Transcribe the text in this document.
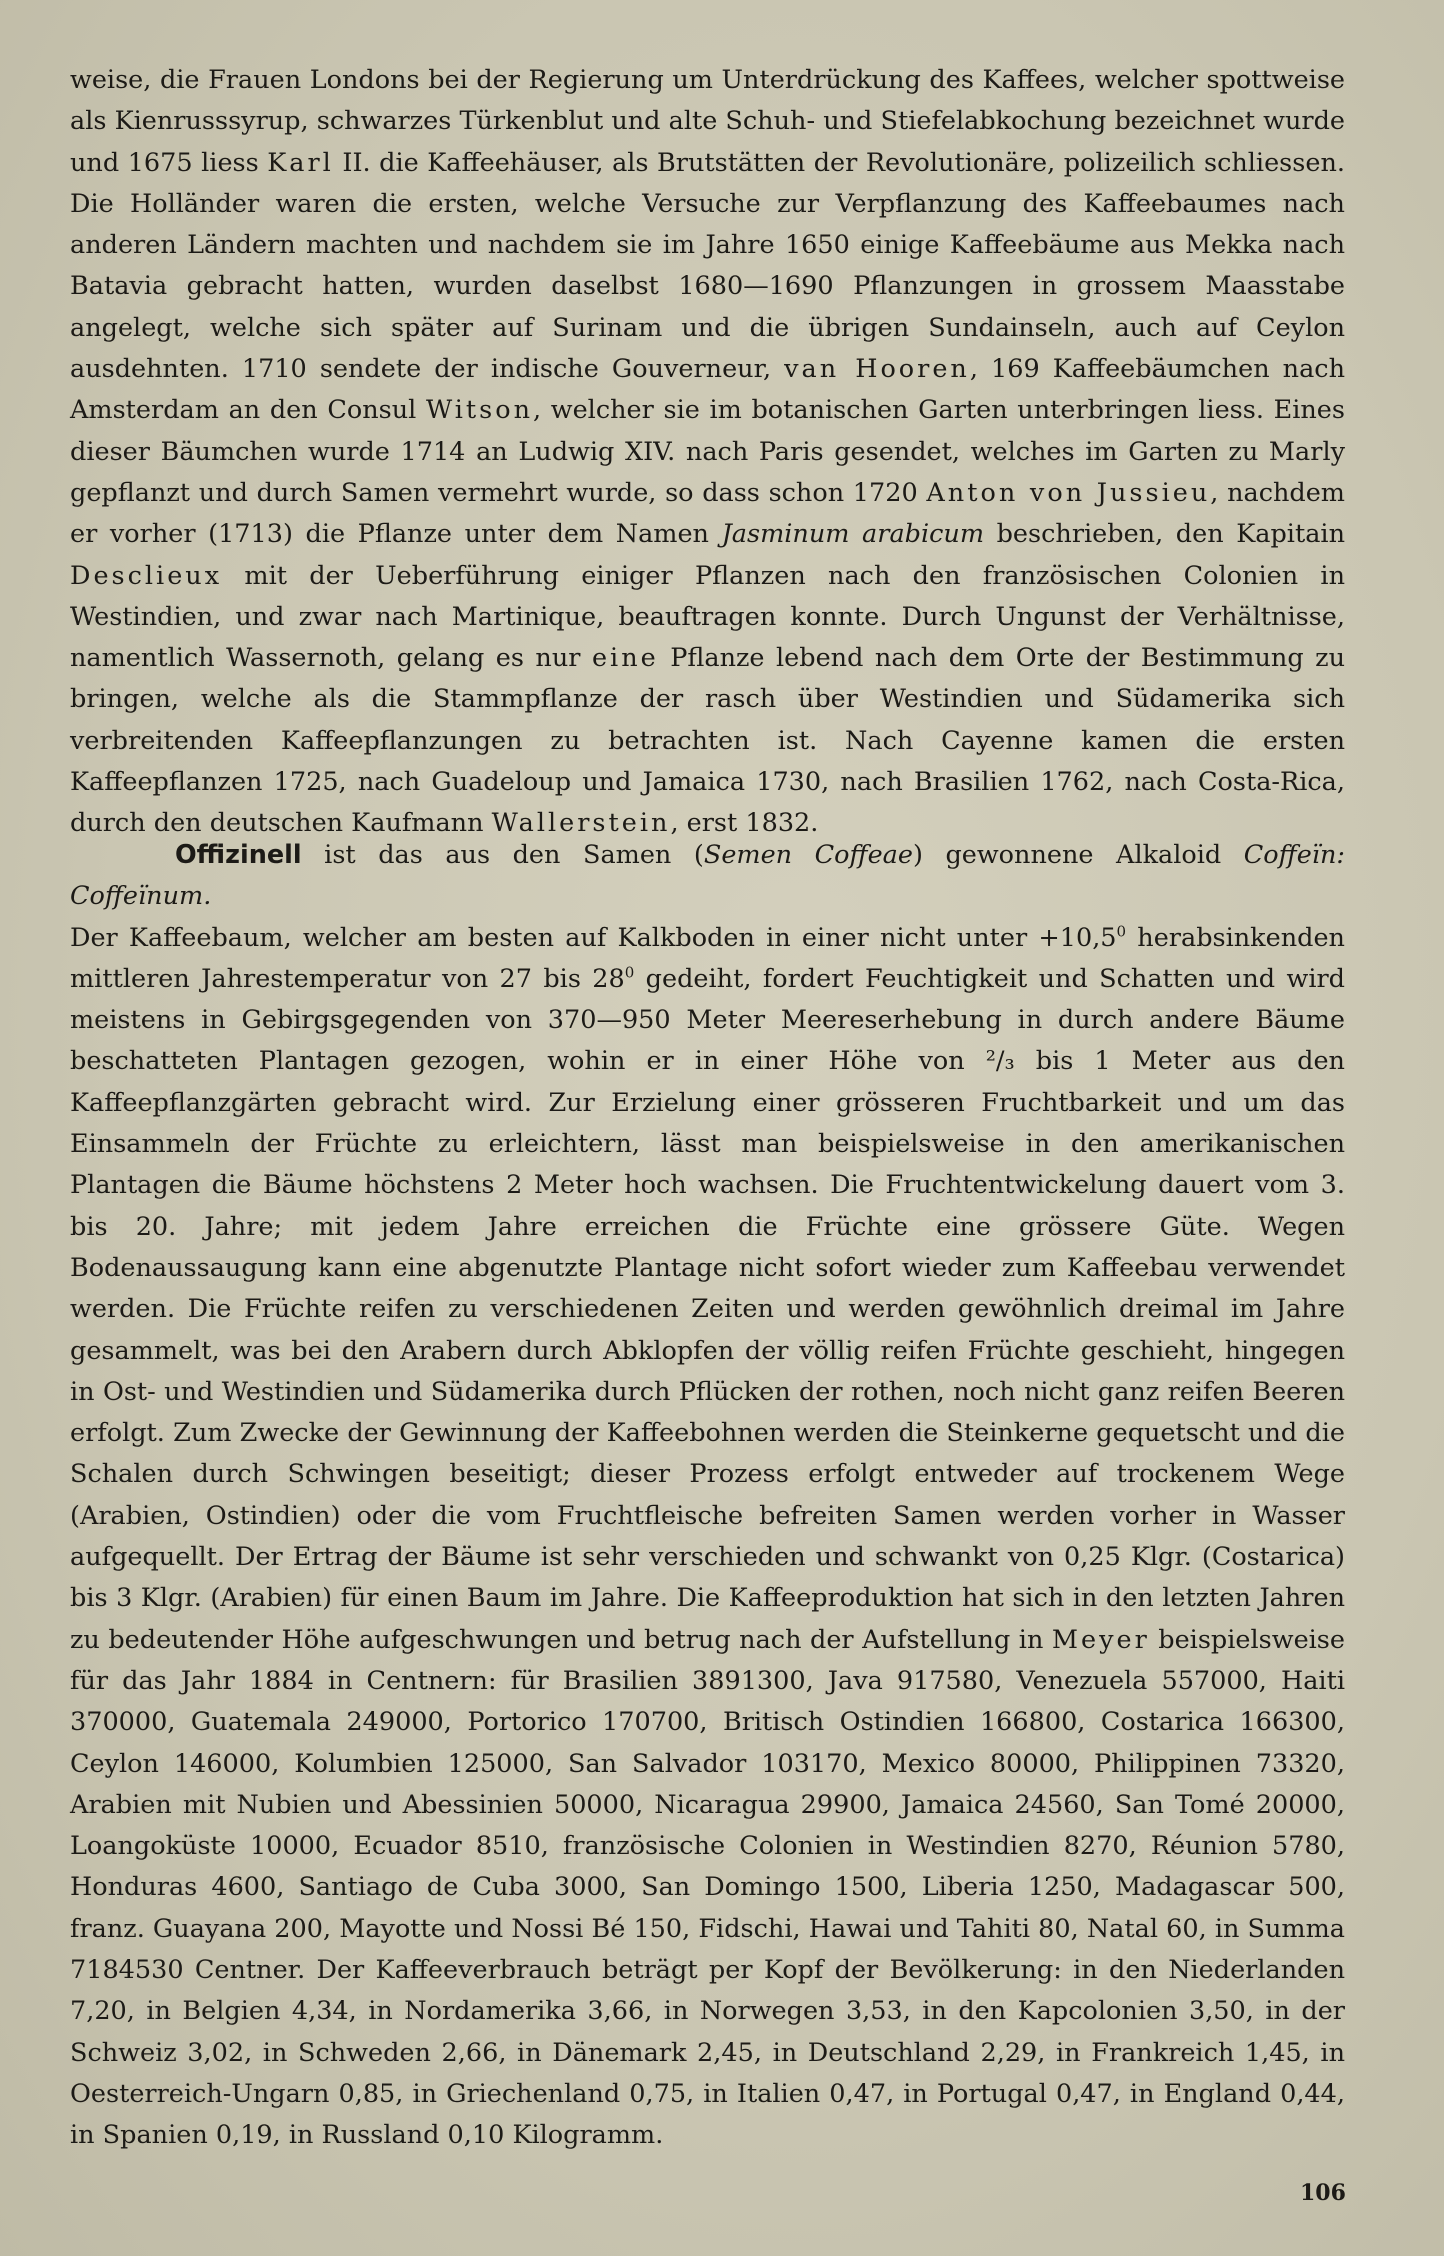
weise, die Frauen Londons bei der Regierung um Unterdrückung des Kaffees, welcher spottweise als Kienrusssyrup, schwarzes Türkenblut und alte Schuh- und Stiefelabkochung bezeichnet wurde und 1675 liess Karl II. die Kaffeehäuser, als Brutstätten der Revolutionäre, polizeilich schliessen. Die Holländer waren die ersten, welche Versuche zur Verpflanzung des Kaffeebaumes nach anderen Ländern machten und nachdem sie im Jahre 1650 einige Kaffeebäume aus Mekka nach Batavia gebracht hatten, wurden daselbst 1680—1690 Pflanzungen in grossem Maasstabe angelegt, welche sich später auf Surinam und die übrigen Sundainseln, auch auf Ceylon ausdehnten. 1710 sendete der indische Gouverneur, van Hooren, 169 Kaffeebäumchen nach Amsterdam an den Consul Witson, welcher sie im botanischen Garten unterbringen liess. Eines dieser Bäumchen wurde 1714 an Ludwig XIV. nach Paris gesendet, welches im Garten zu Marly gepflanzt und durch Samen vermehrt wurde, so dass schon 1720 Anton von Jussieu, nachdem er vorher (1713) die Pflanze unter dem Namen Jasminum arabicum beschrieben, den Kapitain Desclieux mit der Ueberführung einiger Pflanzen nach den französischen Colonien in Westindien, und zwar nach Martinique, beauftragen konnte. Durch Ungunst der Verhältnisse, namentlich Wassernoth, gelang es nur eine Pflanze lebend nach dem Orte der Bestimmung zu bringen, welche als die Stammpflanze der rasch über Westindien und Südamerika sich verbreitenden Kaffeepflanzungen zu betrachten ist. Nach Cayenne kamen die ersten Kaffeepflanzen 1725, nach Guadeloup und Jamaica 1730, nach Brasilien 1762, nach Costa-Rica, durch den deutschen Kaufmann Wallerstein, erst 1832.

Offizinell ist das aus den Samen (Semen Coffeae) gewonnene Alkaloid Coffeïn: Coffeïnum.
Der Kaffeebaum, welcher am besten auf Kalkboden in einer nicht unter $+10,5^0$ herabsinkenden mittleren Jahrestemperatur von 27 bis $28^0$ gedeiht, fordert Feuchtigkeit und Schatten und wird meistens in Gebirgsgegenden von 370—950 Meter Meereserhebung in durch andere Bäume beschatteten Plantagen gezogen, wohin er in einer Höhe von ²/₃ bis 1 Meter aus den Kaffeepflanzgärten gebracht wird. Zur Erzielung einer grösseren Fruchtbarkeit und um das Einsammeln der Früchte zu erleichtern, lässt man beispielsweise in den amerikanischen Plantagen die Bäume höchstens 2 Meter hoch wachsen. Die Fruchtentwickelung dauert vom 3. bis 20. Jahre; mit jedem Jahre erreichen die Früchte eine grössere Güte. Wegen Bodenaussaugung kann eine abgenutzte Plantage nicht sofort wieder zum Kaffeebau verwendet werden. Die Früchte reifen zu verschiedenen Zeiten und werden gewöhnlich dreimal im Jahre gesammelt, was bei den Arabern durch Abklopfen der völlig reifen Früchte geschieht, hingegen in Ost- und Westindien und Südamerika durch Pflücken der rothen, noch nicht ganz reifen Beeren erfolgt. Zum Zwecke der Gewinnung der Kaffeebohnen werden die Steinkerne gequetscht und die Schalen durch Schwingen beseitigt; dieser Prozess erfolgt entweder auf trockenem Wege (Arabien, Ostindien) oder die vom Fruchtfleische befreiten Samen werden vorher in Wasser aufgequellt. Der Ertrag der Bäume ist sehr verschieden und schwankt von 0,25 Klgr. (Costarica) bis 3 Klgr. (Arabien) für einen Baum im Jahre. Die Kaffeeproduktion hat sich in den letzten Jahren zu bedeutender Höhe aufgeschwungen und betrug nach der Aufstellung in Meyer beispielsweise für das Jahr 1884 in Centnern: für Brasilien 3891300, Java 917580, Venezuela 557000, Haiti 370000, Guatemala 249000, Portorico 170700, Britisch Ostindien 166800, Costarica 166300, Ceylon 146000, Kolumbien 125000, San Salvador 103170, Mexico 80000, Philippinen 73320, Arabien mit Nubien und Abessinien 50000, Nicaragua 29900, Jamaica 24560, San Tomé 20000, Loangoküste 10000, Ecuador 8510, französische Colonien in Westindien 8270, Réunion 5780, Honduras 4600, Santiago de Cuba 3000, San Domingo 1500, Liberia 1250, Madagascar 500, franz. Guayana 200, Mayotte und Nossi Bé 150, Fidschi, Hawai und Tahiti 80, Natal 60, in Summa 7184530 Centner. Der Kaffeeverbrauch beträgt per Kopf der Bevölkerung: in den Niederlanden 7,20, in Belgien 4,34, in Nordamerika 3,66, in Norwegen 3,53, in den Kapcolonien 3,50, in der Schweiz 3,02, in Schweden 2,66, in Dänemark 2,45, in Deutschland 2,29, in Frankreich 1,45, in Oesterreich-Ungarn 0,85, in Griechenland 0,75, in Italien 0,47, in Portugal 0,47, in England 0,44, in Spanien 0,19, in Russland 0,10 Kilogramm.

106
